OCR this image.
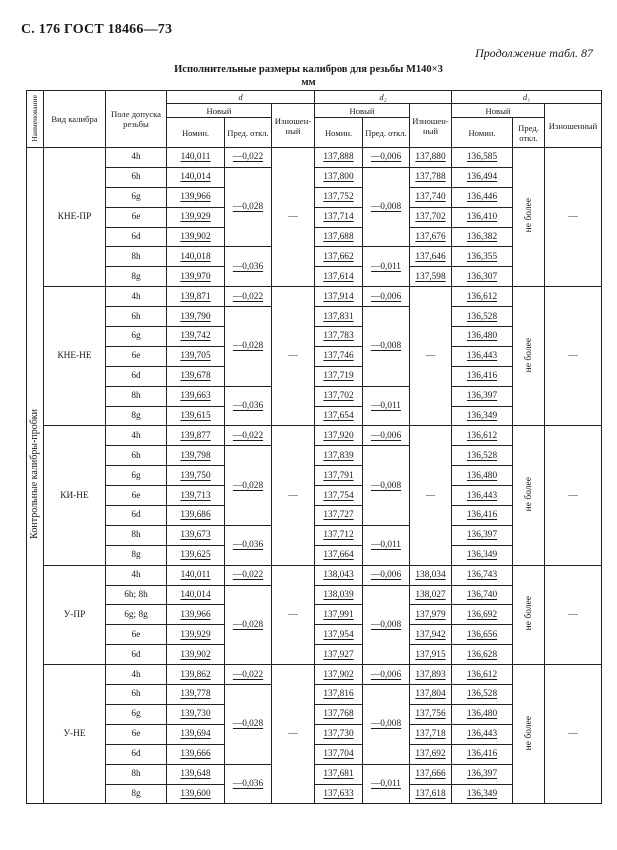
С. 176 ГОСТ 18466—73
Продолжение табл. 87
Исполнительные размеры калибров для резьбы М140×3
мм
Наименование	Вид калибра	Поле допуска резьбы	d			d₂			d₁		
			Новый		Изношенный	Новый		Изношенный	Новый		Изношенный
			Номин.	Пред. откл.		Номин.	Пред. откл.		Номин.	Пред. откл.	
Контрольные калибры-пробки	КНЕ-ПР	4h	140,011	—0,022	—	137,888	—0,006	137,880	136,585	не более	—
		6h	140,014	—0,028		137,800	—0,008	137,788	136,494		
		6g	139,966			137,752		137,740	136,446		
		6e	139,929			137,714		137,702	136,410		
		6d	139,902			137,688		137,676	136,382		
		8h	140,018	—0,036		137,662	—0,011	137,646	136,355		
		8g	139,970			137,614		137,598	136,307		
	КНЕ-НЕ	4h	139,871	—0,022	—	137,914	—0,006	—	136,612	не более	—
		6h	139,790	—0,028		137,831	—0,008		136,528		
		6g	139,742			137,783			136,480		
		6e	139,705			137,746			136,443		
		6d	139,678			137,719			136,416		
		8h	139,663	—0,036		137,702	—0,011		136,397		
		8g	139,615			137,654			136,349		
	КИ-НЕ	4h	139,877	—0,022	—	137,920	—0,006	—	136,612	не более	—
		6h	139,798	—0,028		137,839	—0,008		136,528		
		6g	139,750			137,791			136,480		
		6e	139,713			137,754			136,443		
		6d	139,686			137,727			136,416		
		8h	139,673	—0,036		137,712	—0,011		136,397		
		8g	139,625			137,664			136,349		
	У-ПР	4h	140,011	—0,022	—	138,043	—0,006	138,034	136,743	не более	—
		6h; 8h	140,014	—0,028		138,039	—0,008	138,027	136,740		
		6g; 8g	139,966			137,991		137,979	136,692		
		6e	139,929			137,954		137,942	136,656		
		6d	139,902			137,927		137,915	136,628		
	У-НЕ	4h	139,862	—0,022	—	137,902	—0,006	137,893	136,612	не более	—
		6h	139,778	—0,028		137,816	—0,008	137,804	136,528		
		6g	139,730			137,768		137,756	136,480		
		6e	139,694			137,730		137,718	136,443		
		6d	139,666			137,704		137,692	136,416		
		8h	139,648	—0,036		137,681	—0,011	137,666	136,397		
		8g	139,600			137,633		137,618	136,349		
